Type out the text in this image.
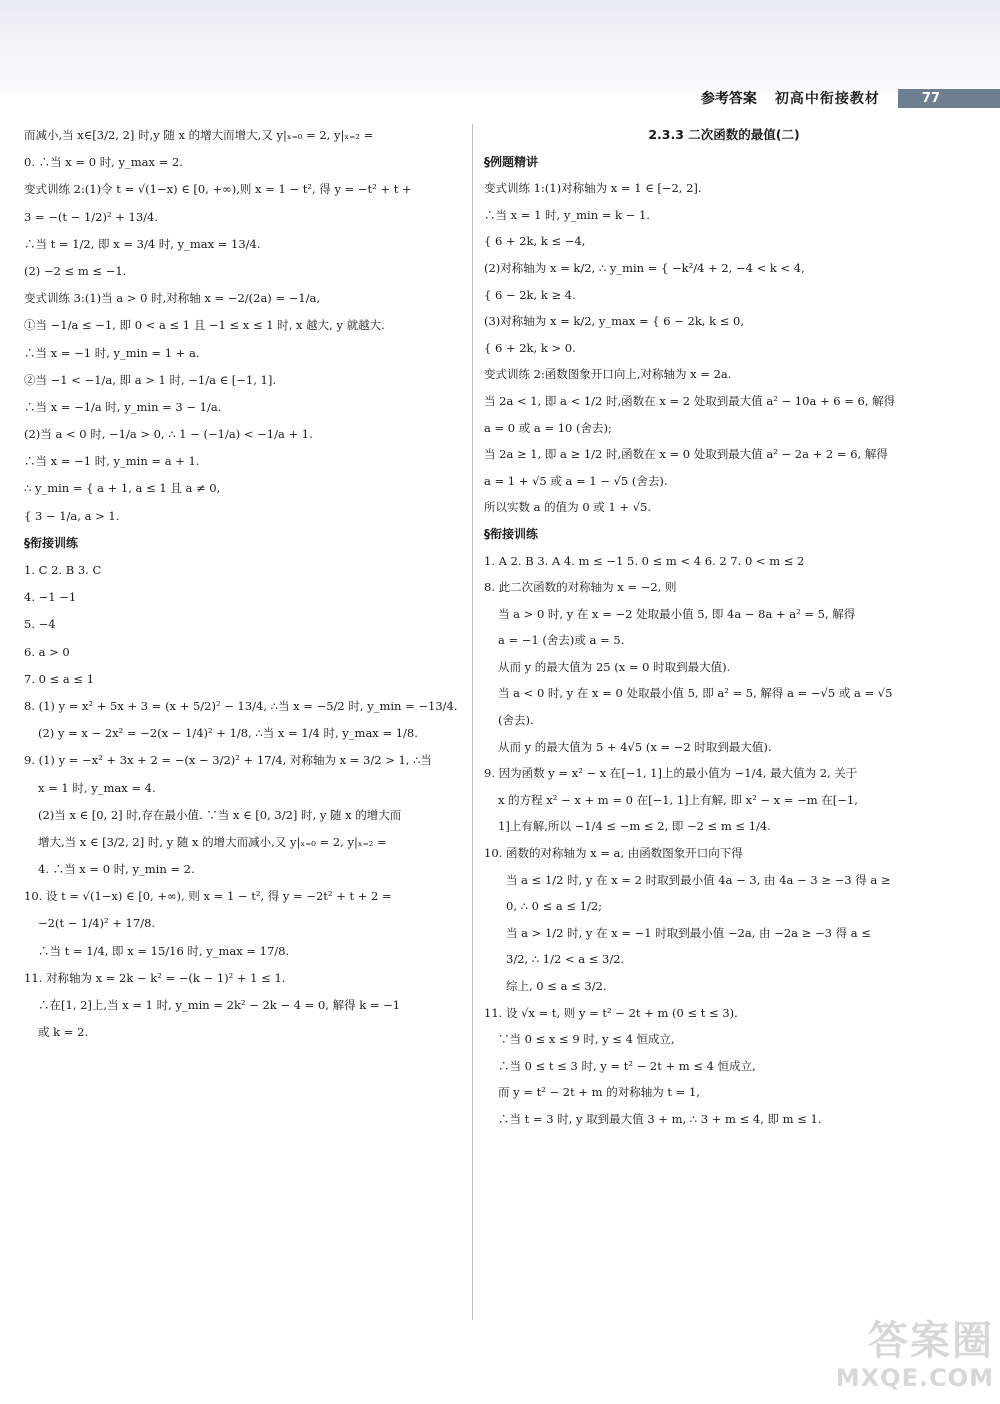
参考答案 初高中衔接教材	77
而减小,当 x∈[3/2, 2] 时,y 随 x 的增大而增大,又 y|ₓ₌₀ = 2, y|ₓ₌₂ =
0. ∴当 x = 0 时, y_max = 2.
变式训练 2:(1)令 t = √(1−x) ∈ [0, +∞),则 x = 1 − t², 得 y = −t² + t +
3 = −(t − 1/2)² + 13/4.
∴当 t = 1/2, 即 x = 3/4 时, y_max = 13/4.
(2) −2 ≤ m ≤ −1.
变式训练 3:(1)当 a > 0 时,对称轴 x = −2/(2a) = −1/a,
①当 −1/a ≤ −1, 即 0 < a ≤ 1 且 −1 ≤ x ≤ 1 时, x 越大, y 就越大.
∴当 x = −1 时, y_min = 1 + a.
②当 −1 < −1/a, 即 a > 1 时, −1/a ∈ [−1, 1].
∴当 x = −1/a 时, y_min = 3 − 1/a.
(2)当 a < 0 时, −1/a > 0, ∴ 1 − (−1/a) < −1/a + 1.
∴当 x = −1 时, y_min = a + 1.
∴ y_min = { a + 1, a ≤ 1 且 a ≠ 0,
{ 3 − 1/a, a > 1.
§衔接训练
1. C 2. B 3. C
4. −1 −1
5. −4
6. a > 0
7. 0 ≤ a ≤ 1
8. (1) y = x² + 5x + 3 = (x + 5/2)² − 13/4, ∴当 x = −5/2 时, y_min = −13/4.
(2) y = x − 2x² = −2(x − 1/4)² + 1/8, ∴当 x = 1/4 时, y_max = 1/8.
9. (1) y = −x² + 3x + 2 = −(x − 3/2)² + 17/4, 对称轴为 x = 3/2 > 1, ∴当
x = 1 时, y_max = 4.
(2)当 x ∈ [0, 2] 时,存在最小值. ∵当 x ∈ [0, 3/2] 时, y 随 x 的增大而
增大,当 x ∈ [3/2, 2] 时, y 随 x 的增大而减小,又 y|ₓ₌₀ = 2, y|ₓ₌₂ =
4. ∴当 x = 0 时, y_min = 2.
10. 设 t = √(1−x) ∈ [0, +∞), 则 x = 1 − t², 得 y = −2t² + t + 2 =
−2(t − 1/4)² + 17/8.
∴当 t = 1/4, 即 x = 15/16 时, y_max = 17/8.
11. 对称轴为 x = 2k − k² = −(k − 1)² + 1 ≤ 1.
∴在[1, 2]上,当 x = 1 时, y_min = 2k² − 2k − 4 = 0, 解得 k = −1
或 k = 2.
2.3.3 二次函数的最值(二)
§例题精讲
变式训练 1:(1)对称轴为 x = 1 ∈ [−2, 2].
∴当 x = 1 时, y_min = k − 1.
{ 6 + 2k, k ≤ −4,
(2)对称轴为 x = k/2, ∴ y_min = { −k²/4 + 2, −4 < k < 4,
{ 6 − 2k, k ≥ 4.
(3)对称轴为 x = k/2, y_max = { 6 − 2k, k ≤ 0,
{ 6 + 2k, k > 0.
变式训练 2:函数图象开口向上,对称轴为 x = 2a.
当 2a < 1, 即 a < 1/2 时,函数在 x = 2 处取到最大值 a² − 10a + 6 = 6, 解得
a = 0 或 a = 10 (舍去);
当 2a ≥ 1, 即 a ≥ 1/2 时,函数在 x = 0 处取到最大值 a² − 2a + 2 = 6, 解得
a = 1 + √5 或 a = 1 − √5 (舍去).
所以实数 a 的值为 0 或 1 + √5.
§衔接训练
1. A 2. B 3. A 4. m ≤ −1 5. 0 ≤ m < 4 6. 2 7. 0 < m ≤ 2
8. 此二次函数的对称轴为 x = −2, 则
当 a > 0 时, y 在 x = −2 处取最小值 5, 即 4a − 8a + a² = 5, 解得
a = −1 (舍去)或 a = 5.
从而 y 的最大值为 25 (x = 0 时取到最大值).
当 a < 0 时, y 在 x = 0 处取最小值 5, 即 a² = 5, 解得 a = −√5 或 a = √5
(舍去).
从而 y 的最大值为 5 + 4√5 (x = −2 时取到最大值).
9. 因为函数 y = x² − x 在[−1, 1]上的最小值为 −1/4, 最大值为 2, 关于
x 的方程 x² − x + m = 0 在[−1, 1]上有解, 即 x² − x = −m 在[−1,
1]上有解,所以 −1/4 ≤ −m ≤ 2, 即 −2 ≤ m ≤ 1/4.
10. 函数的对称轴为 x = a, 由函数图象开口向下得
当 a ≤ 1/2 时, y 在 x = 2 时取到最小值 4a − 3, 由 4a − 3 ≥ −3 得 a ≥
0, ∴ 0 ≤ a ≤ 1/2;
当 a > 1/2 时, y 在 x = −1 时取到最小值 −2a, 由 −2a ≥ −3 得 a ≤
3/2, ∴ 1/2 < a ≤ 3/2.
综上, 0 ≤ a ≤ 3/2.
11. 设 √x = t, 则 y = t² − 2t + m (0 ≤ t ≤ 3).
∵当 0 ≤ x ≤ 9 时, y ≤ 4 恒成立,
∴当 0 ≤ t ≤ 3 时, y = t² − 2t + m ≤ 4 恒成立,
而 y = t² − 2t + m 的对称轴为 t = 1,
∴当 t = 3 时, y 取到最大值 3 + m, ∴ 3 + m ≤ 4, 即 m ≤ 1.
答案圈
MXQE.COM
